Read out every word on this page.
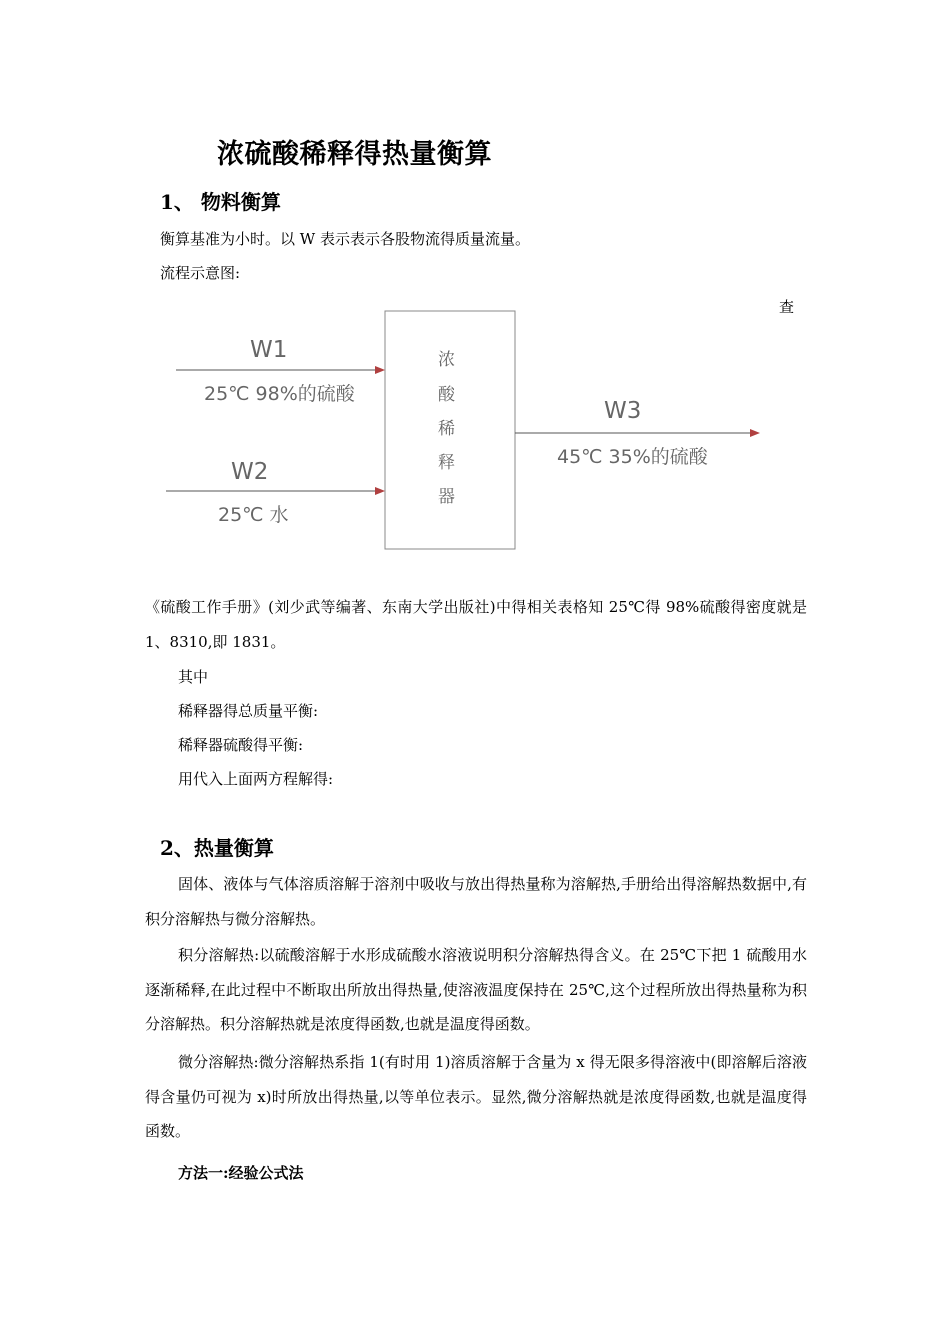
浓硫酸稀释得热量衡算
1、 物料衡算
衡算基准为小时。以 W 表示表示各股物流得质量流量。
流程示意图:
查
W1
25℃ 98%的硫酸
W2
25℃ 水
W3
45℃ 35%的硫酸
浓
酸
稀
释
器
《硫酸工作手册》(刘少武等编著、东南大学出版社)中得相关表格知 25℃得 98%硫酸得密度就是 1、8310,即 1831。
其中
稀释器得总质量平衡:
稀释器硫酸得平衡:
用代入上面两方程解得:
2、热量衡算
固体、液体与气体溶质溶解于溶剂中吸收与放出得热量称为溶解热,手册给出得溶解热数据中,有积分溶解热与微分溶解热。
积分溶解热:以硫酸溶解于水形成硫酸水溶液说明积分溶解热得含义。在 25℃下把 1 硫酸用水逐渐稀释,在此过程中不断取出所放出得热量,使溶液温度保持在 25℃,这个过程所放出得热量称为积分溶解热。积分溶解热就是浓度得函数,也就是温度得函数。
微分溶解热:微分溶解热系指 1(有时用 1)溶质溶解于含量为 x 得无限多得溶液中(即溶解后溶液得含量仍可视为 x)时所放出得热量,以等单位表示。显然,微分溶解热就是浓度得函数,也就是温度得函数。
方法一:经验公式法
